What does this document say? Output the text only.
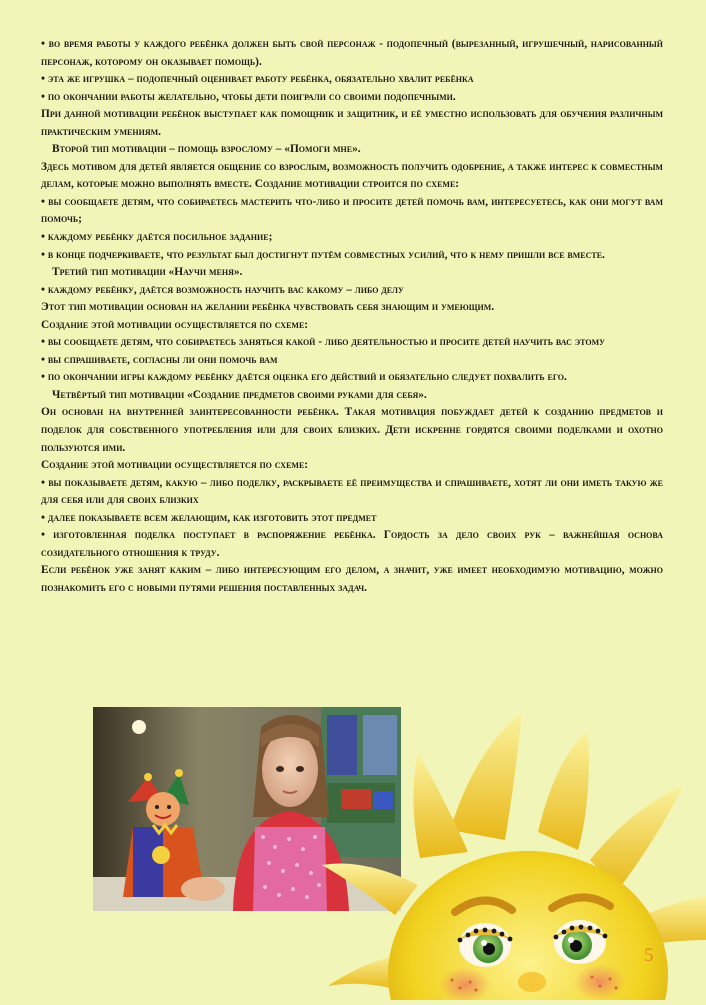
• во время работы у каждого ребёнка должен быть свой персонаж - подопечный (вырезанный, игрушечный, нарисованный персонаж, которому он оказывает помощь).

• эта же игрушка – подопечный оценивает работу ребёнка, обязательно хвалит ребёнка

• по окончании работы желательно, чтобы дети поиграли со своими подопечными.

При данной мотивации ребёнок выступает как помощник и защитник, и её уместно использовать для обучения различным практическим умениям.

Второй тип мотивации – помощь взрослому – «Помоги мне».

Здесь мотивом для детей является общение со взрослым, возможность получить одобрение, а также интерес к совместным делам, которые можно выполнять вместе. Создание мотивации строится по схеме:

• вы сообщаете детям, что собираетесь мастерить что-либо и просите детей помочь вам, интересуетесь, как они могут вам помочь;

• каждому ребёнку даётся посильное задание;

• в конце подчеркиваете, что результат был достигнут путём совместных усилий, что к нему пришли все вместе.

Третий тип мотивации «Научи меня».

• каждому ребёнку, даётся возможность научить вас какому – либо делу

Этот тип мотивации основан на желании ребёнка чувствовать себя знающим и умеющим.

Создание этой мотивации осуществляется по схеме:

• вы сообщаете детям, что собираетесь заняться какой - либо деятельностью и просите детей научить вас этому

• вы спрашиваете, согласны ли они помочь вам

• по окончании игры каждому ребёнку даётся оценка его действий и обязательно следует похвалить его.

Четвёртый тип мотивации «Создание предметов своими руками для себя».

Он основан на внутренней заинтересованности ребёнка. Такая мотивация побуждает детей к созданию предметов и поделок для собственного употребления или для своих близких. Дети искренне гордятся своими поделками и охотно пользуются ими.

Создание этой мотивации осуществляется по схеме:

• вы показываете детям, какую – либо поделку, раскрываете её преимущества и спрашиваете, хотят ли они иметь такую же для себя или для своих близких

• далее показываете всем желающим, как изготовить этот предмет

• изготовленная поделка поступает в распоряжение ребёнка. Гордость за дело своих рук – важнейшая основа созидательного отношения к труду.

Если ребёнок уже занят каким – либо интересующим его делом, а значит, уже имеет необходимую мотивацию, можно познакомить его с новыми путями решения поставленных задач.

5
